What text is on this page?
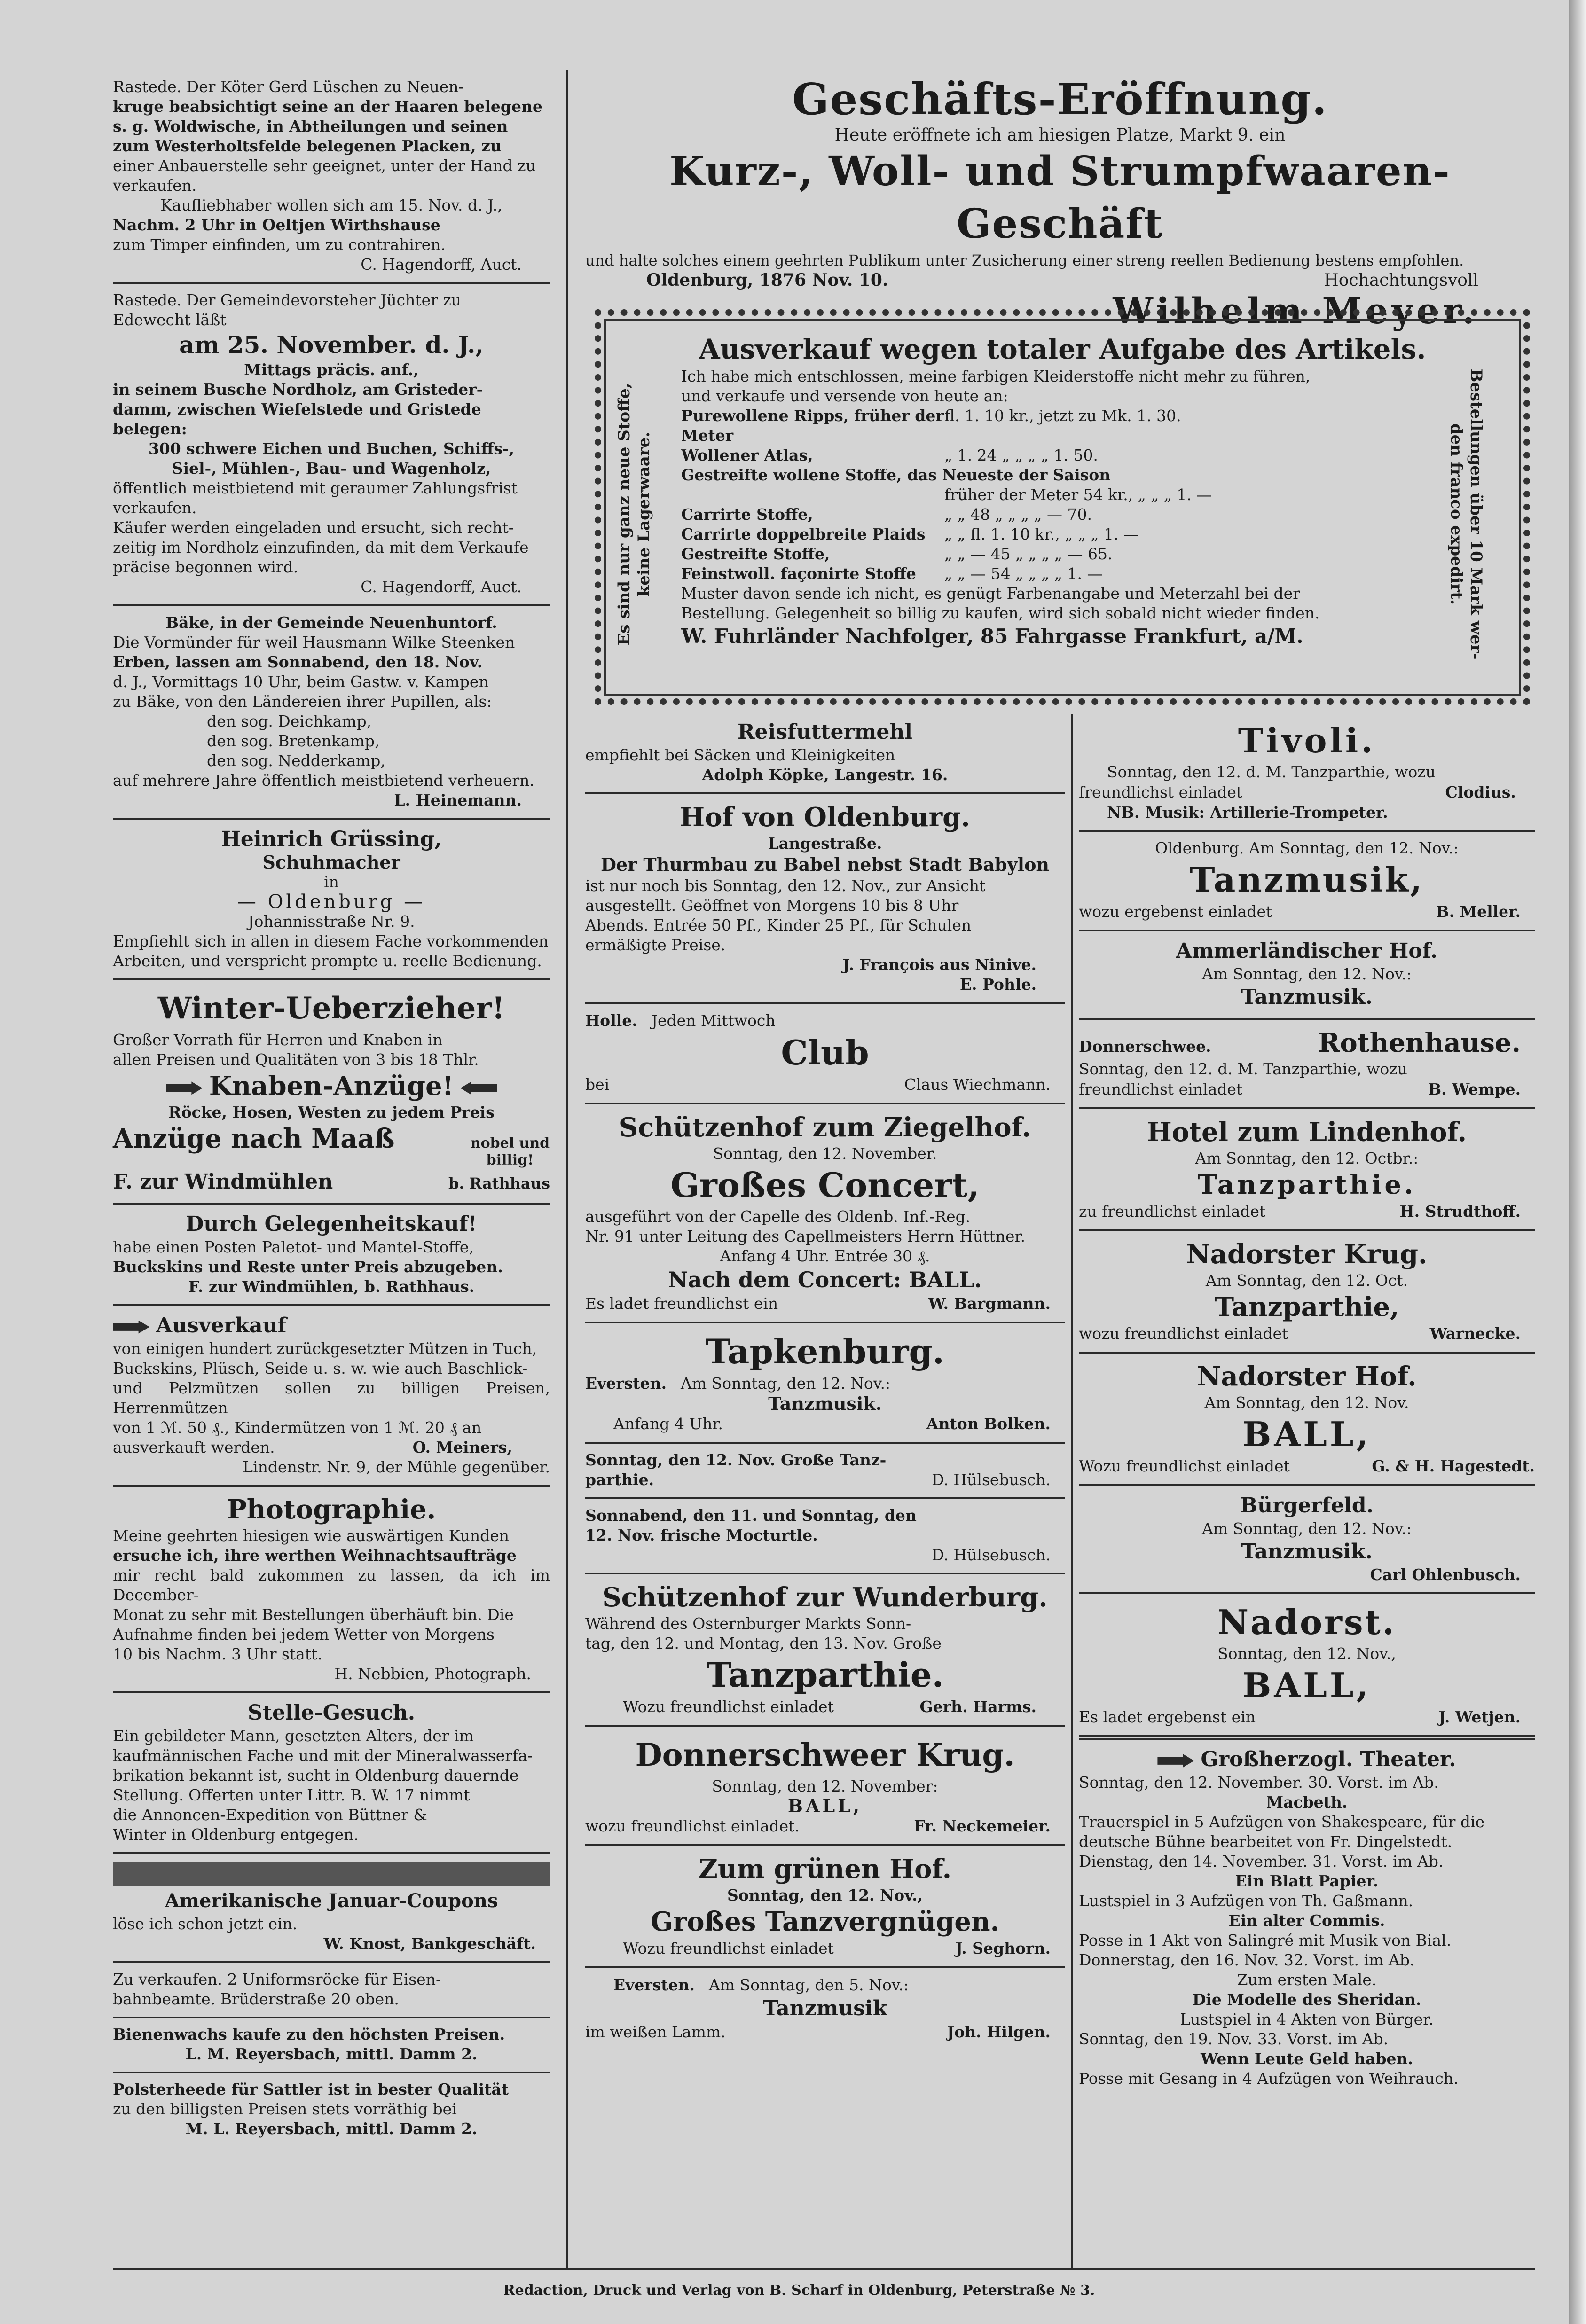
Rastede. Der Köter Gerd Lüschen zu Neuen-

kruge beabsichtigt seine an der Haaren belegene

s. g. Woldwische, in Abtheilungen und seinen

zum Westerholtsfelde belegenen Placken, zu

einer Anbauerstelle sehr geeignet, unter der Hand zu

verkaufen.

Kaufliebhaber wollen sich am 15. Nov. d. J.,

Nachm. 2 Uhr in Oeltjen Wirthshause

zum Timper einfinden, um zu contrahiren.

C. Hagendorff, Auct.

Rastede. Der Gemeindevorsteher Jüchter zu

Edewecht läßt

am 25. November. d. J.,

Mittags präcis. anf.,

in seinem Busche Nordholz, am Gristeder-

damm, zwischen Wiefelstede und Gristede

belegen:

300 schwere Eichen und Buchen, Schiffs-,

Siel-, Mühlen-, Bau- und Wagenholz,

öffentlich meistbietend mit geraumer Zahlungsfrist

verkaufen.

Käufer werden eingeladen und ersucht, sich recht-

zeitig im Nordholz einzufinden, da mit dem Verkaufe

präcise begonnen wird.

C. Hagendorff, Auct.

Bäke, in der Gemeinde Neuenhuntorf.

Die Vormünder für weil Hausmann Wilke Steenken

Erben, lassen am Sonnabend, den 18. Nov.

d. J., Vormittags 10 Uhr, beim Gastw. v. Kampen

zu Bäke, von den Ländereien ihrer Pupillen, als:

den sog. Deichkamp,

den sog. Bretenkamp,

den sog. Nedderkamp,

auf mehrere Jahre öffentlich meistbietend verheuern.

L. Heinemann.

Heinrich Grüssing,

Schuhmacher

in

— Oldenburg —

Johannisstraße Nr. 9.

Empfiehlt sich in allen in diesem Fache vorkommenden

Arbeiten, und verspricht prompte u. reelle Bedienung.

Winter-Ueberzieher!

Großer Vorrath für Herren und Knaben in

allen Preisen und Qualitäten von 3 bis 18 Thlr.

Knaben-Anzüge!

Röcke, Hosen, Westen zu jedem Preis

Anzüge nach Maaß	nobel und billig!
F. zur Windmühlen	b. Rathhaus

Durch Gelegenheitskauf!

habe einen Posten Paletot- und Mantel-Stoffe,

Buckskins und Reste unter Preis abzugeben.

F. zur Windmühlen, b. Rathhaus.

Ausverkauf

von einigen hundert zurückgesetzter Mützen in Tuch,

Buckskins, Plüsch, Seide u. s. w. wie auch Baschlick-

und Pelzmützen sollen zu billigen Preisen, Herrenmützen

von 1 ℳ. 50 ₰., Kindermützen von 1 ℳ. 20 ₰ an

ausverkauft werden.	O. Meiners,

Lindenstr. Nr. 9, der Mühle gegenüber.

Photographie.

Meine geehrten hiesigen wie auswärtigen Kunden

ersuche ich, ihre werthen Weihnachtsaufträge

mir recht bald zukommen zu lassen, da ich im December-

Monat zu sehr mit Bestellungen überhäuft bin. Die

Aufnahme finden bei jedem Wetter von Morgens

10 bis Nachm. 3 Uhr statt.

H. Nebbien, Photograph.

Stelle-Gesuch.

Ein gebildeter Mann, gesetzten Alters, der im

kaufmännischen Fache und mit der Mineralwasserfa-

brikation bekannt ist, sucht in Oldenburg dauernde

Stellung. Offerten unter Littr. B. W. 17 nimmt

die Annoncen-Expedition von Büttner &

Winter in Oldenburg entgegen.

Amerikanische Januar-Coupons

löse ich schon jetzt ein.

W. Knost, Bankgeschäft.

Zu verkaufen. 2 Uniformsröcke für Eisen-

bahnbeamte. Brüderstraße 20 oben.

Bienenwachs kaufe zu den höchsten Preisen.

L. M. Reyersbach, mittl. Damm 2.

Polsterheede für Sattler ist in bester Qualität

zu den billigsten Preisen stets vorräthig bei

M. L. Reyersbach, mittl. Damm 2.

Geschäfts-Eröffnung.

Heute eröffnete ich am hiesigen Platze, Markt 9. ein

Kurz-, Woll- und Strumpfwaaren-Geschäft

und halte solches einem geehrten Publikum unter Zusicherung einer streng reellen Bedienung bestens empfohlen.

Oldenburg, 1876 Nov. 10.	Hochachtungsvoll

Wilhelm Meyer.

Ausverkauf wegen totaler Aufgabe des Artikels.

Ich habe mich entschlossen, meine farbigen Kleiderstoffe nicht mehr zu führen,

und verkaufe und versende von heute an:

Purewollene Ripps, früher der Meter
fl. 1. 10 kr., jetzt zu Mk. 1. 30.
Wollener Atlas,	„ 1. 24 „ „ „ „ 1. 50.
Gestreifte wollene Stoffe, das Neueste der Saison
früher der Meter 54 kr., „ „ „ 1. —
Carrirte Stoffe,	„ „ 48 „ „ „ „ — 70.
Carrirte doppelbreite Plaids	„ „ fl. 1. 10 kr., „ „ „ 1. —
Gestreifte Stoffe,	„ „ — 45 „ „ „ „ — 65.
Feinstwoll. façonirte Stoffe	„ „ — 54 „ „ „ „ 1. —

Muster davon sende ich nicht, es genügt Farbenangabe und Meterzahl bei der

Bestellung. Gelegenheit so billig zu kaufen, wird sich sobald nicht wieder finden.

W. Fuhrländer Nachfolger, 85 Fahrgasse Frankfurt, a/M.

Es sind nur ganz neue Stoffe, keine Lagerwaare.	Bestellungen über 10 Mark wer-
den franco expedirt.

Reisfuttermehl

empfiehlt bei Säcken und Kleinigkeiten

Adolph Köpke, Langestr. 16.

Hof von Oldenburg.

Langestraße.

Der Thurmbau zu Babel nebst Stadt Babylon

ist nur noch bis Sonntag, den 12. Nov., zur Ansicht

ausgestellt. Geöffnet von Morgens 10 bis 8 Uhr

Abends. Entrée 50 Pf., Kinder 25 Pf., für Schulen

ermäßigte Preise.

J. François aus Ninive.

E. Pohle.

Holle. Jeden Mittwoch

Club

bei	Claus Wiechmann.

Schützenhof zum Ziegelhof.

Sonntag, den 12. November.

Großes Concert,

ausgeführt von der Capelle des Oldenb. Inf.-Reg.

Nr. 91 unter Leitung des Capellmeisters Herrn Hüttner.

Anfang 4 Uhr. Entrée 30 ₰.

Nach dem Concert: BALL.

Es ladet freundlichst ein	W. Bargmann.

Tapkenburg.

Eversten. Am Sonntag, den 12. Nov.:

Tanzmusik.

Anfang 4 Uhr.	Anton Bolken.

Sonntag, den 12. Nov. Große Tanz-

parthie.	D. Hülsebusch.

Sonnabend, den 11. und Sonntag, den

12. Nov. frische Mocturtle.

D. Hülsebusch.

Schützenhof zur Wunderburg.

Während des Osternburger Markts Sonn-

tag, den 12. und Montag, den 13. Nov. Große

Tanzparthie.

Wozu freundlichst einladet	Gerh. Harms.

Donnerschweer Krug.

Sonntag, den 12. November:

BALL,

wozu freundlichst einladet.	Fr. Neckemeier.

Zum grünen Hof.

Sonntag, den 12. Nov.,

Großes Tanzvergnügen.

Wozu freundlichst einladet	J. Seghorn.
Eversten. Am Sonntag, den 5. Nov.:

Tanzmusik

im weißen Lamm.	Joh. Hilgen.

Tivoli.

Sonntag, den 12. d. M. Tanzparthie, wozu

freundlichst einladet	Clodius.

NB. Musik: Artillerie-Trompeter.

Oldenburg. Am Sonntag, den 12. Nov.:

Tanzmusik,

wozu ergebenst einladet	B. Meller.

Ammerländischer Hof.

Am Sonntag, den 12. Nov.:

Tanzmusik.

Donnerschwee.	Rothenhause.

Sonntag, den 12. d. M. Tanzparthie, wozu

freundlichst einladet	B. Wempe.

Hotel zum Lindenhof.

Am Sonntag, den 12. Octbr.:

Tanzparthie.

zu freundlichst einladet	H. Strudthoff.

Nadorster Krug.

Am Sonntag, den 12. Oct.

Tanzparthie,

wozu freundlichst einladet	Warnecke.

Nadorster Hof.

Am Sonntag, den 12. Nov.

BALL,

Wozu freundlichst einladet	G. & H. Hagestedt.

Bürgerfeld.

Am Sonntag, den 12. Nov.:

Tanzmusik.

Carl Ohlenbusch.

Nadorst.

Sonntag, den 12. Nov.,

BALL,

Es ladet ergebenst ein	J. Wetjen.

Großherzogl. Theater.

Sonntag, den 12. November. 30. Vorst. im Ab.

Macbeth.

Trauerspiel in 5 Aufzügen von Shakespeare, für die

deutsche Bühne bearbeitet von Fr. Dingelstedt.

Dienstag, den 14. November. 31. Vorst. im Ab.

Ein Blatt Papier.

Lustspiel in 3 Aufzügen von Th. Gaßmann.

Ein alter Commis.

Posse in 1 Akt von Salingré mit Musik von Bial.

Donnerstag, den 16. Nov. 32. Vorst. im Ab.

Zum ersten Male.

Die Modelle des Sheridan.

Lustspiel in 4 Akten von Bürger.

Sonntag, den 19. Nov. 33. Vorst. im Ab.

Wenn Leute Geld haben.

Posse mit Gesang in 4 Aufzügen von Weihrauch.

Redaction, Druck und Verlag von B. Scharf in Oldenburg, Peterstraße № 3.
